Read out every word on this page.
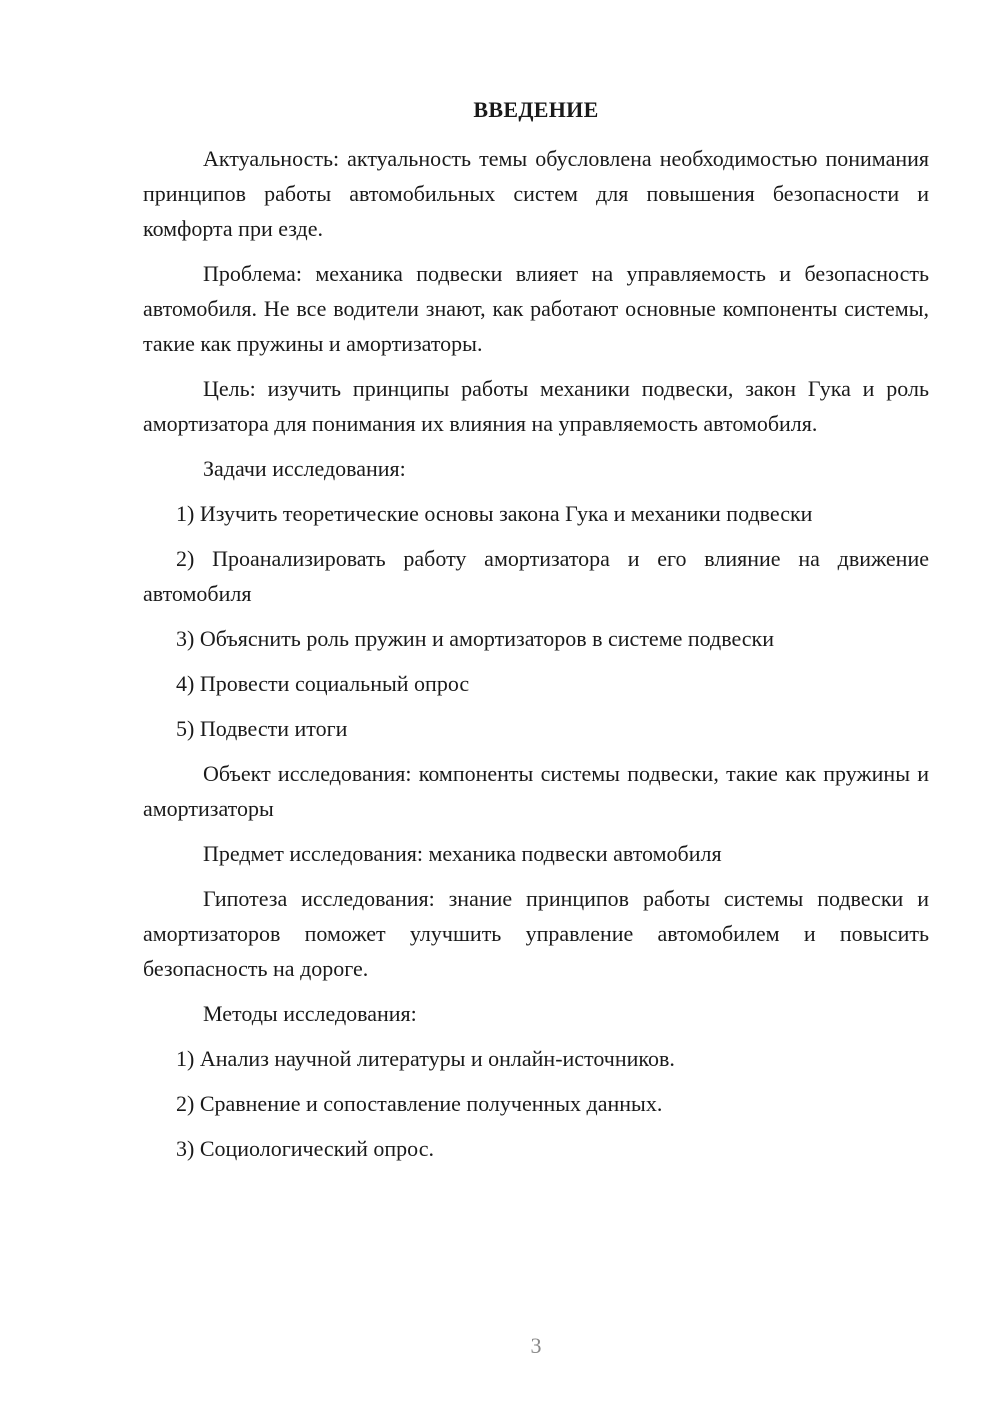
ВВЕДЕНИЕ

Актуальность: актуальность темы обусловлена необходимостью понимания принципов работы автомобильных систем для повышения безопасности и комфорта при езде.

Проблема: механика подвески влияет на управляемость и безопасность автомобиля. Не все водители знают, как работают основные компоненты системы, такие как пружины и амортизаторы.

Цель: изучить принципы работы механики подвески, закон Гука и роль амортизатора для понимания их влияния на управляемость автомобиля.

Задачи исследования:

1) Изучить теоретические основы закона Гука и механики подвески

2) Проанализировать работу амортизатора и его влияние на движение автомобиля

3) Объяснить роль пружин и амортизаторов в системе подвески

4) Провести социальный опрос

5) Подвести итоги

Объект исследования: компоненты системы подвески, такие как пружины и амортизаторы

Предмет исследования: механика подвески автомобиля

Гипотеза исследования: знание принципов работы системы подвески и амортизаторов поможет улучшить управление автомобилем и повысить безопасность на дороге.

Методы исследования:

1) Анализ научной литературы и онлайн-источников.

2) Сравнение и сопоставление полученных данных.

3) Социологический опрос.

3
